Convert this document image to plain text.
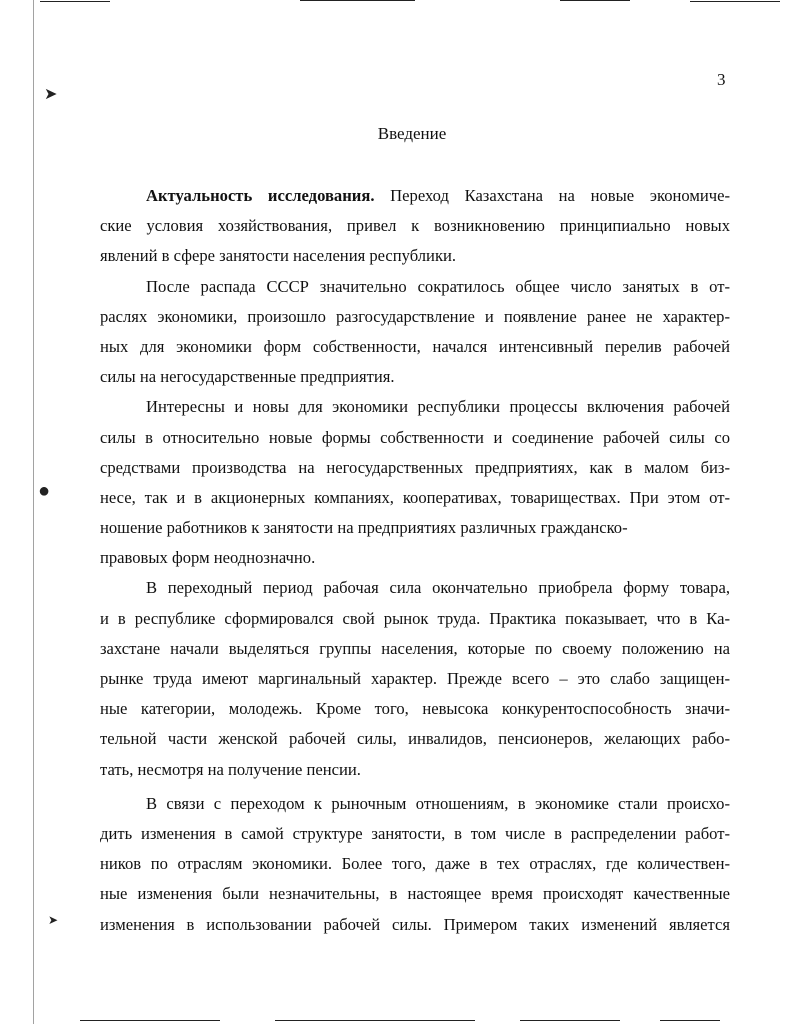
➤
●
➤
3
Введение
Актуальность исследования. Переход Казахстана на новые экономиче-
ские условия хозяйствования, привел к возникновению принципиально новых
явлений в сфере занятости населения республики.
После распада СССР значительно сократилось общее число занятых в от-
раслях экономики, произошло разгосударствление и появление ранее не характер-
ных для экономики форм собственности, начался интенсивный перелив рабочей
силы на негосударственные предприятия.
Интересны и новы для экономики республики процессы включения рабочей
силы в относительно новые формы собственности и соединение рабочей силы со
средствами производства на негосударственных предприятиях, как в малом биз-
несе, так и в акционерных компаниях, кооперативах, товариществах. При этом от-
ношение работников к занятости на предприятиях различных гражданско-
правовых форм неоднозначно.
В переходный период рабочая сила окончательно приобрела форму товара,
и в республике сформировался свой рынок труда. Практика показывает, что в Ка-
захстане начали выделяться группы населения, которые по своему положению на
рынке труда имеют маргинальный характер. Прежде всего – это слабо защищен-
ные категории, молодежь. Кроме того, невысока конкурентоспособность значи-
тельной части женской рабочей силы, инвалидов, пенсионеров, желающих рабо-
тать, несмотря на получение пенсии.
В связи с переходом к рыночным отношениям, в экономике стали происхо-
дить изменения в самой структуре занятости, в том числе в распределении работ-
ников по отраслям экономики. Более того, даже в тех отраслях, где количествен-
ные изменения были незначительны, в настоящее время происходят качественные
изменения в использовании рабочей силы. Примером таких изменений является
